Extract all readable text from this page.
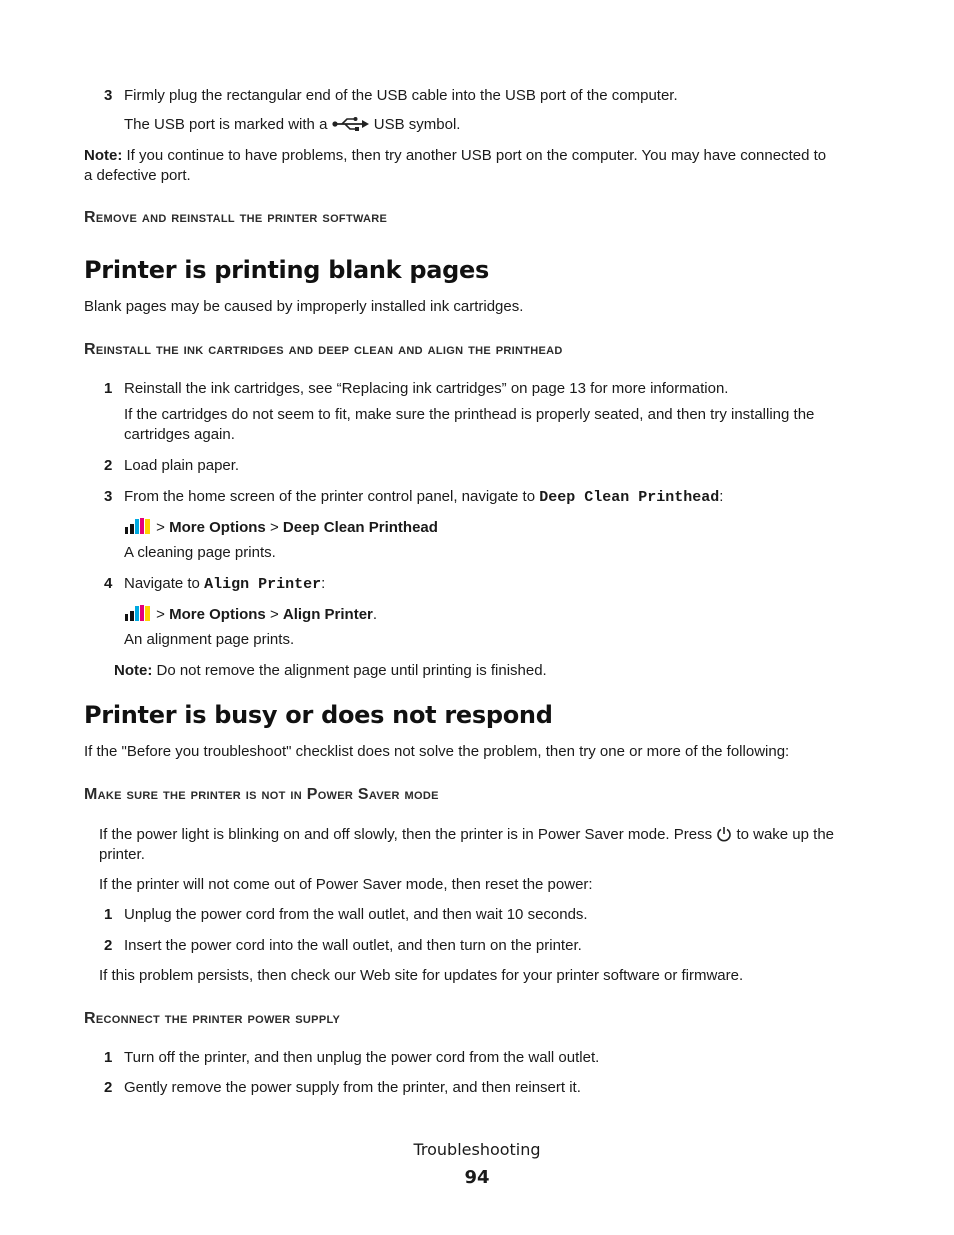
3 Firmly plug the rectangular end of the USB cable into the USB port of the computer.
The USB port is marked with a	USB symbol.
Note: If you continue to have problems, then try another USB port on the computer. You may have connected to
a defective port.
Remove and reinstall the printer software
Printer is printing blank pages
Blank pages may be caused by improperly installed ink cartridges.
Reinstall the ink cartridges and deep clean and align the printhead
1 Reinstall the ink cartridges, see “Replacing ink cartridges” on page 13 for more information.
If the cartridges do not seem to fit, make sure the printhead is properly seated, and then try installing the
cartridges again.
2 Load plain paper.
3 From the home screen of the printer control panel, navigate to Deep Clean Printhead:
> More Options > Deep Clean Printhead
A cleaning page prints.
4 Navigate to Align Printer:
> More Options > Align Printer.
An alignment page prints.
Note: Do not remove the alignment page until printing is finished.
Printer is busy or does not respond
If the "Before you troubleshoot" checklist does not solve the problem, then try one or more of the following:
Make sure the printer is not in Power Saver mode
If the power light is blinking on and off slowly, then the printer is in Power Saver mode. Press to wake up the
printer.
If the printer will not come out of Power Saver mode, then reset the power:
1 Unplug the power cord from the wall outlet, and then wait 10 seconds.
2 Insert the power cord into the wall outlet, and then turn on the printer.
If this problem persists, then check our Web site for updates for your printer software or firmware.
Reconnect the printer power supply
1 Turn off the printer, and then unplug the power cord from the wall outlet.
2 Gently remove the power supply from the printer, and then reinsert it.
Troubleshooting
94
